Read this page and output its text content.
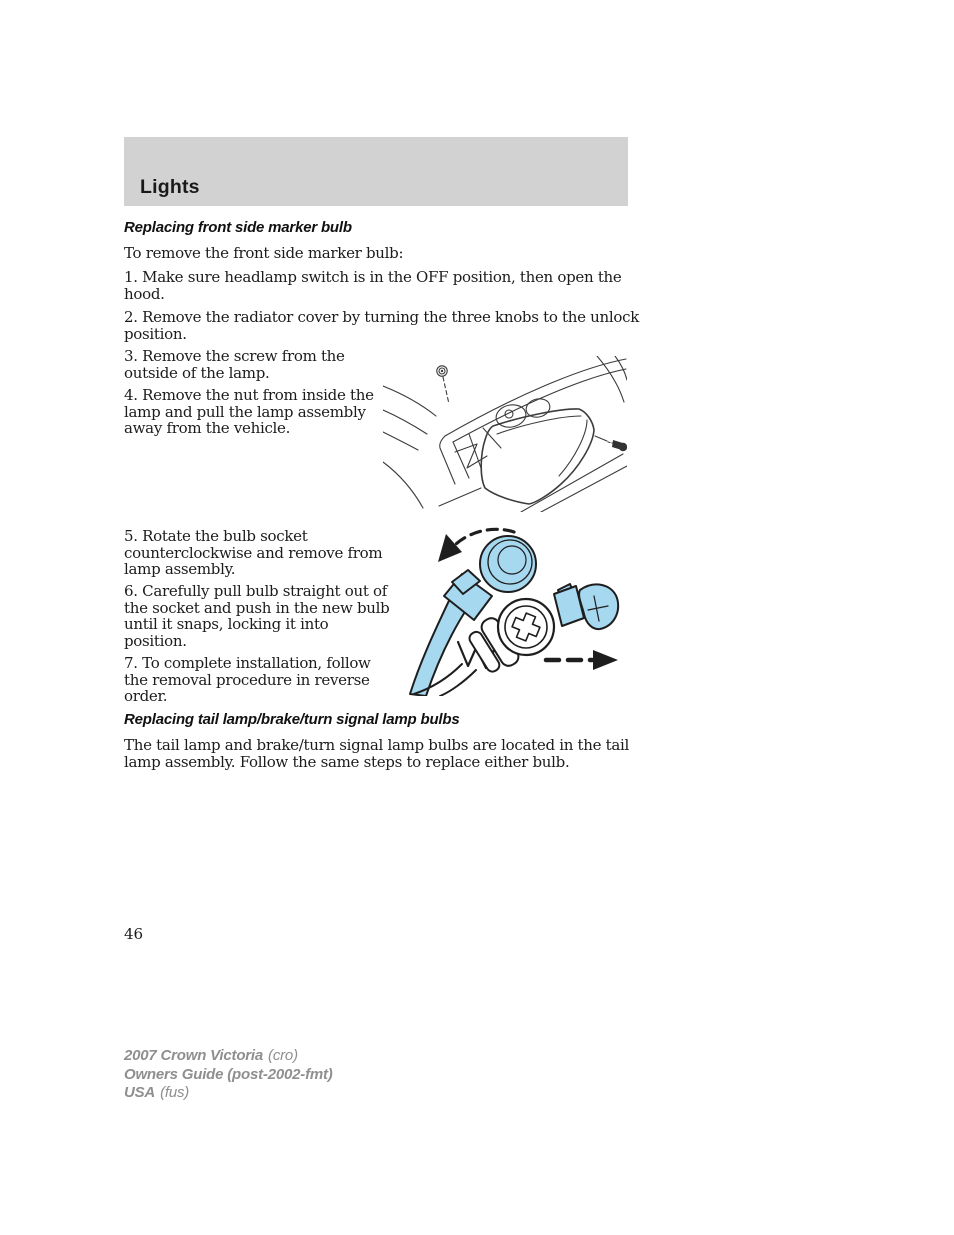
Lights
Replacing front side marker bulb

To remove the front side marker bulb:

1. Make sure headlamp switch is in the OFF position, then open the
hood.
2. Remove the radiator cover by turning the three knobs to the unlock
position.
3. Remove the screw from the
outside of the lamp.
4. Remove the nut from inside the
lamp and pull the lamp assembly
away from the vehicle.
5. Rotate the bulb socket
counterclockwise and remove from
lamp assembly.
6. Carefully pull bulb straight out of
the socket and push in the new bulb
until it snaps, locking it into
position.
7. To complete installation, follow
the removal procedure in reverse
order.
Replacing tail lamp/brake/turn signal lamp bulbs
The tail lamp and brake/turn signal lamp bulbs are located in the tail
lamp assembly. Follow the same steps to replace either bulb.
46
2007 Crown Victoria (cro)
Owners Guide (post-2002-fmt)
USA (fus)
